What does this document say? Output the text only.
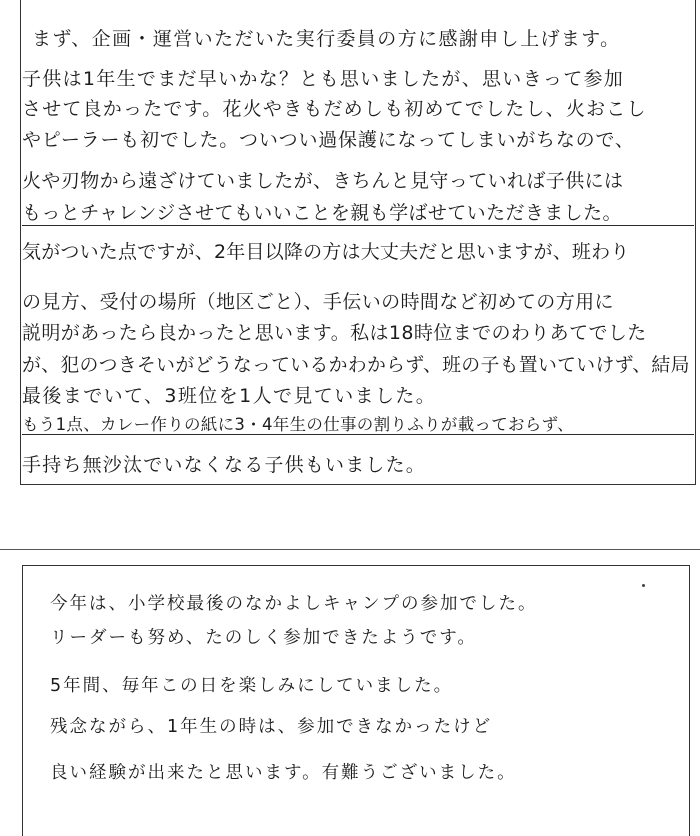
まず、企画・運営いただいた実行委員の方に感謝申し上げます。
子供は1年生でまだ早いかな？とも思いましたが、思いきって参加
させて良かったです。花火やきもだめしも初めてでしたし、火おこし
やピーラーも初でした。ついつい過保護になってしまいがちなので、
火や刃物から遠ざけていましたが、きちんと見守っていれば子供には
もっとチャレンジさせてもいいことを親も学ばせていただきました。
気がついた点ですが、2年目以降の方は大丈夫だと思いますが、班わり
の見方、受付の場所（地区ごと）、手伝いの時間など初めての方用に
説明があったら良かったと思います。私は18時位までのわりあてでした
が、犯のつきそいがどうなっているかわからず、班の子も置いていけず、結局
最後までいて、3班位を1人で見ていました。
もう1点、カレー作りの紙に3・4年生の仕事の割りふりが載っておらず、
手持ち無沙汰でいなくなる子供もいました。
今年は、小学校最後のなかよしキャンプの参加でした。
リーダーも努め、たのしく参加できたようです。
5年間、毎年この日を楽しみにしていました。
残念ながら、1年生の時は、参加できなかったけど
良い経験が出来たと思います。有難うございました。
